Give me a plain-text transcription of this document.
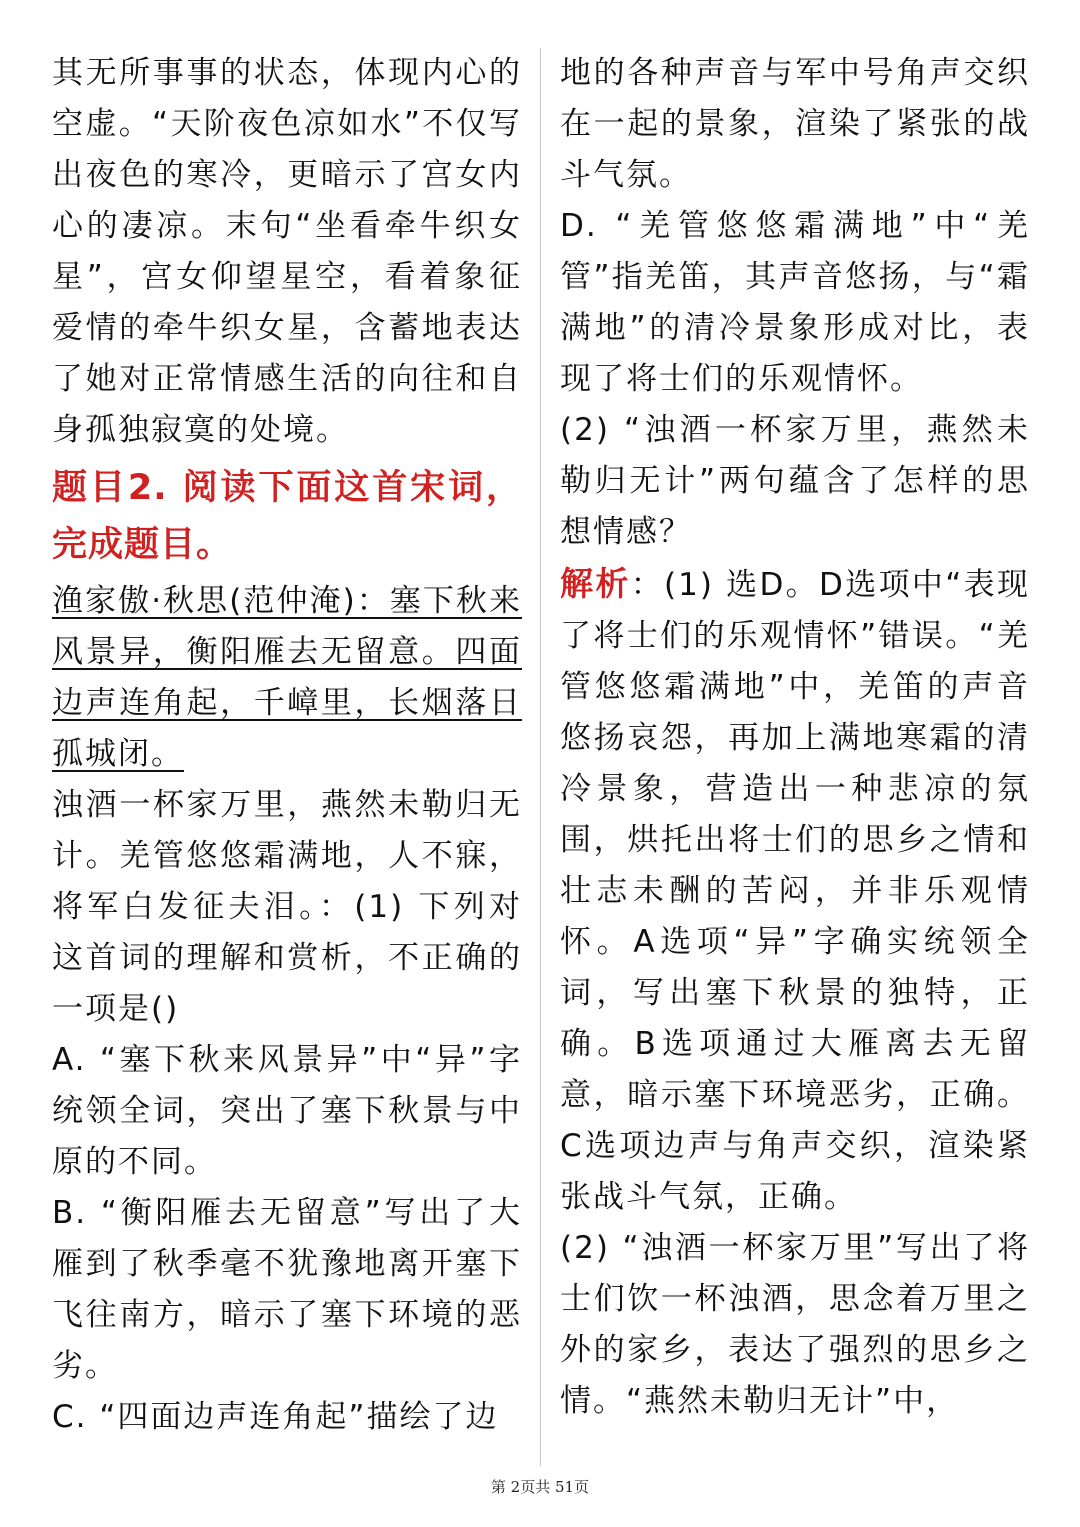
其无所事事的状态，体现内心的空虚。“天阶夜色凉如水”不仅写出夜色的寒冷，更暗示了宫女内心的凄凉。末句“坐看牵牛织女星”，宫女仰望星空，看着象征爱情的牵牛织女星，含蓄地表达了她对正常情感生活的向往和自身孤独寂寞的处境。

题目2. 阅读下面这首宋词，完成题目。

渔家傲·秋思(范仲淹)：塞下秋来风景异，衡阳雁去无留意。四面边声连角起，千嶂里，长烟落日孤城闭。

浊酒一杯家万里，燕然未勒归无计。羌管悠悠霜满地，人不寐，将军白发征夫泪。：(1) 下列对这首词的理解和赏析，不正确的一项是()

A. “塞下秋来风景异”中“异”字统领全词，突出了塞下秋景与中原的不同。

B. “衡阳雁去无留意”写出了大雁到了秋季毫不犹豫地离开塞下飞往南方，暗示了塞下环境的恶劣。

C. “四面边声连角起”描绘了边

地的各种声音与军中号角声交织在一起的景象，渲染了紧张的战斗气氛。

D. “羌管悠悠霜满地”中“羌管”指羌笛，其声音悠扬，与“霜满地”的清冷景象形成对比，表现了将士们的乐观情怀。

(2) “浊酒一杯家万里，燕然未勒归无计”两句蕴含了怎样的思想情感？

解析：(1) 选D。D选项中“表现了将士们的乐观情怀”错误。“羌管悠悠霜满地”中，羌笛的声音悠扬哀怨，再加上满地寒霜的清冷景象，营造出一种悲凉的氛围，烘托出将士们的思乡之情和壮志未酬的苦闷，并非乐观情怀。A选项“异”字确实统领全词，写出塞下秋景的独特，正确。B选项通过大雁离去无留意，暗示塞下环境恶劣，正确。C选项边声与角声交织，渲染紧张战斗气氛，正确。

(2) “浊酒一杯家万里”写出了将士们饮一杯浊酒，思念着万里之外的家乡，表达了强烈的思乡之情。“燕然未勒归无计”中，

第 2页共 51页
